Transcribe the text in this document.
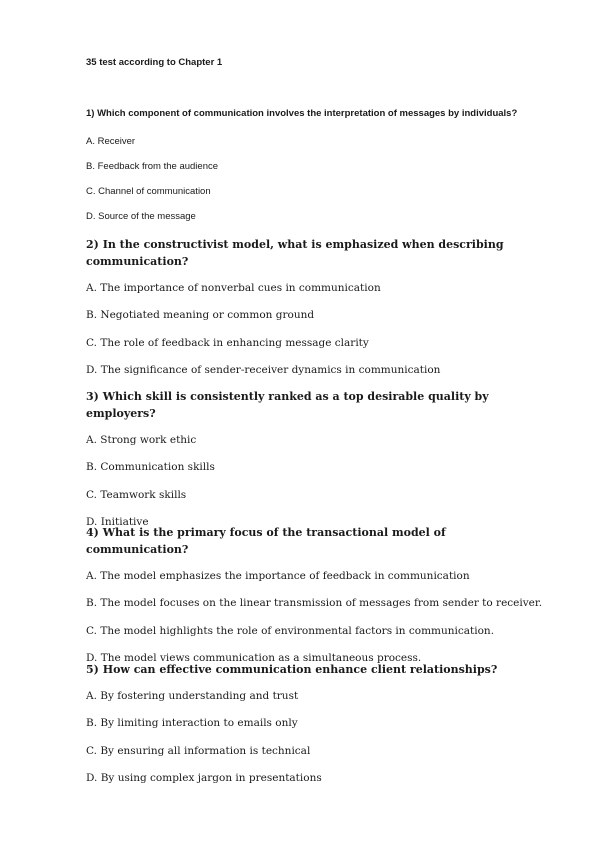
35 test according to Chapter 1
1) Which component of communication involves the interpretation of messages by individuals?
A. Receiver
B. Feedback from the audience
C. Channel of communication
D. Source of the message
2) In the constructivist model, what is emphasized when describing communication?
A. The importance of nonverbal cues in communication
B. Negotiated meaning or common ground
C. The role of feedback in enhancing message clarity
D. The significance of sender-receiver dynamics in communication
3) Which skill is consistently ranked as a top desirable quality by employers?
A. Strong work ethic
B. Communication skills
C. Teamwork skills
D. Initiative
4) What is the primary focus of the transactional model of communication?
A. The model emphasizes the importance of feedback in communication
B. The model focuses on the linear transmission of messages from sender to receiver.
C. The model highlights the role of environmental factors in communication.
D. The model views communication as a simultaneous process.
5) How can effective communication enhance client relationships?
A. By fostering understanding and trust
B. By limiting interaction to emails only
C. By ensuring all information is technical
D. By using complex jargon in presentations
